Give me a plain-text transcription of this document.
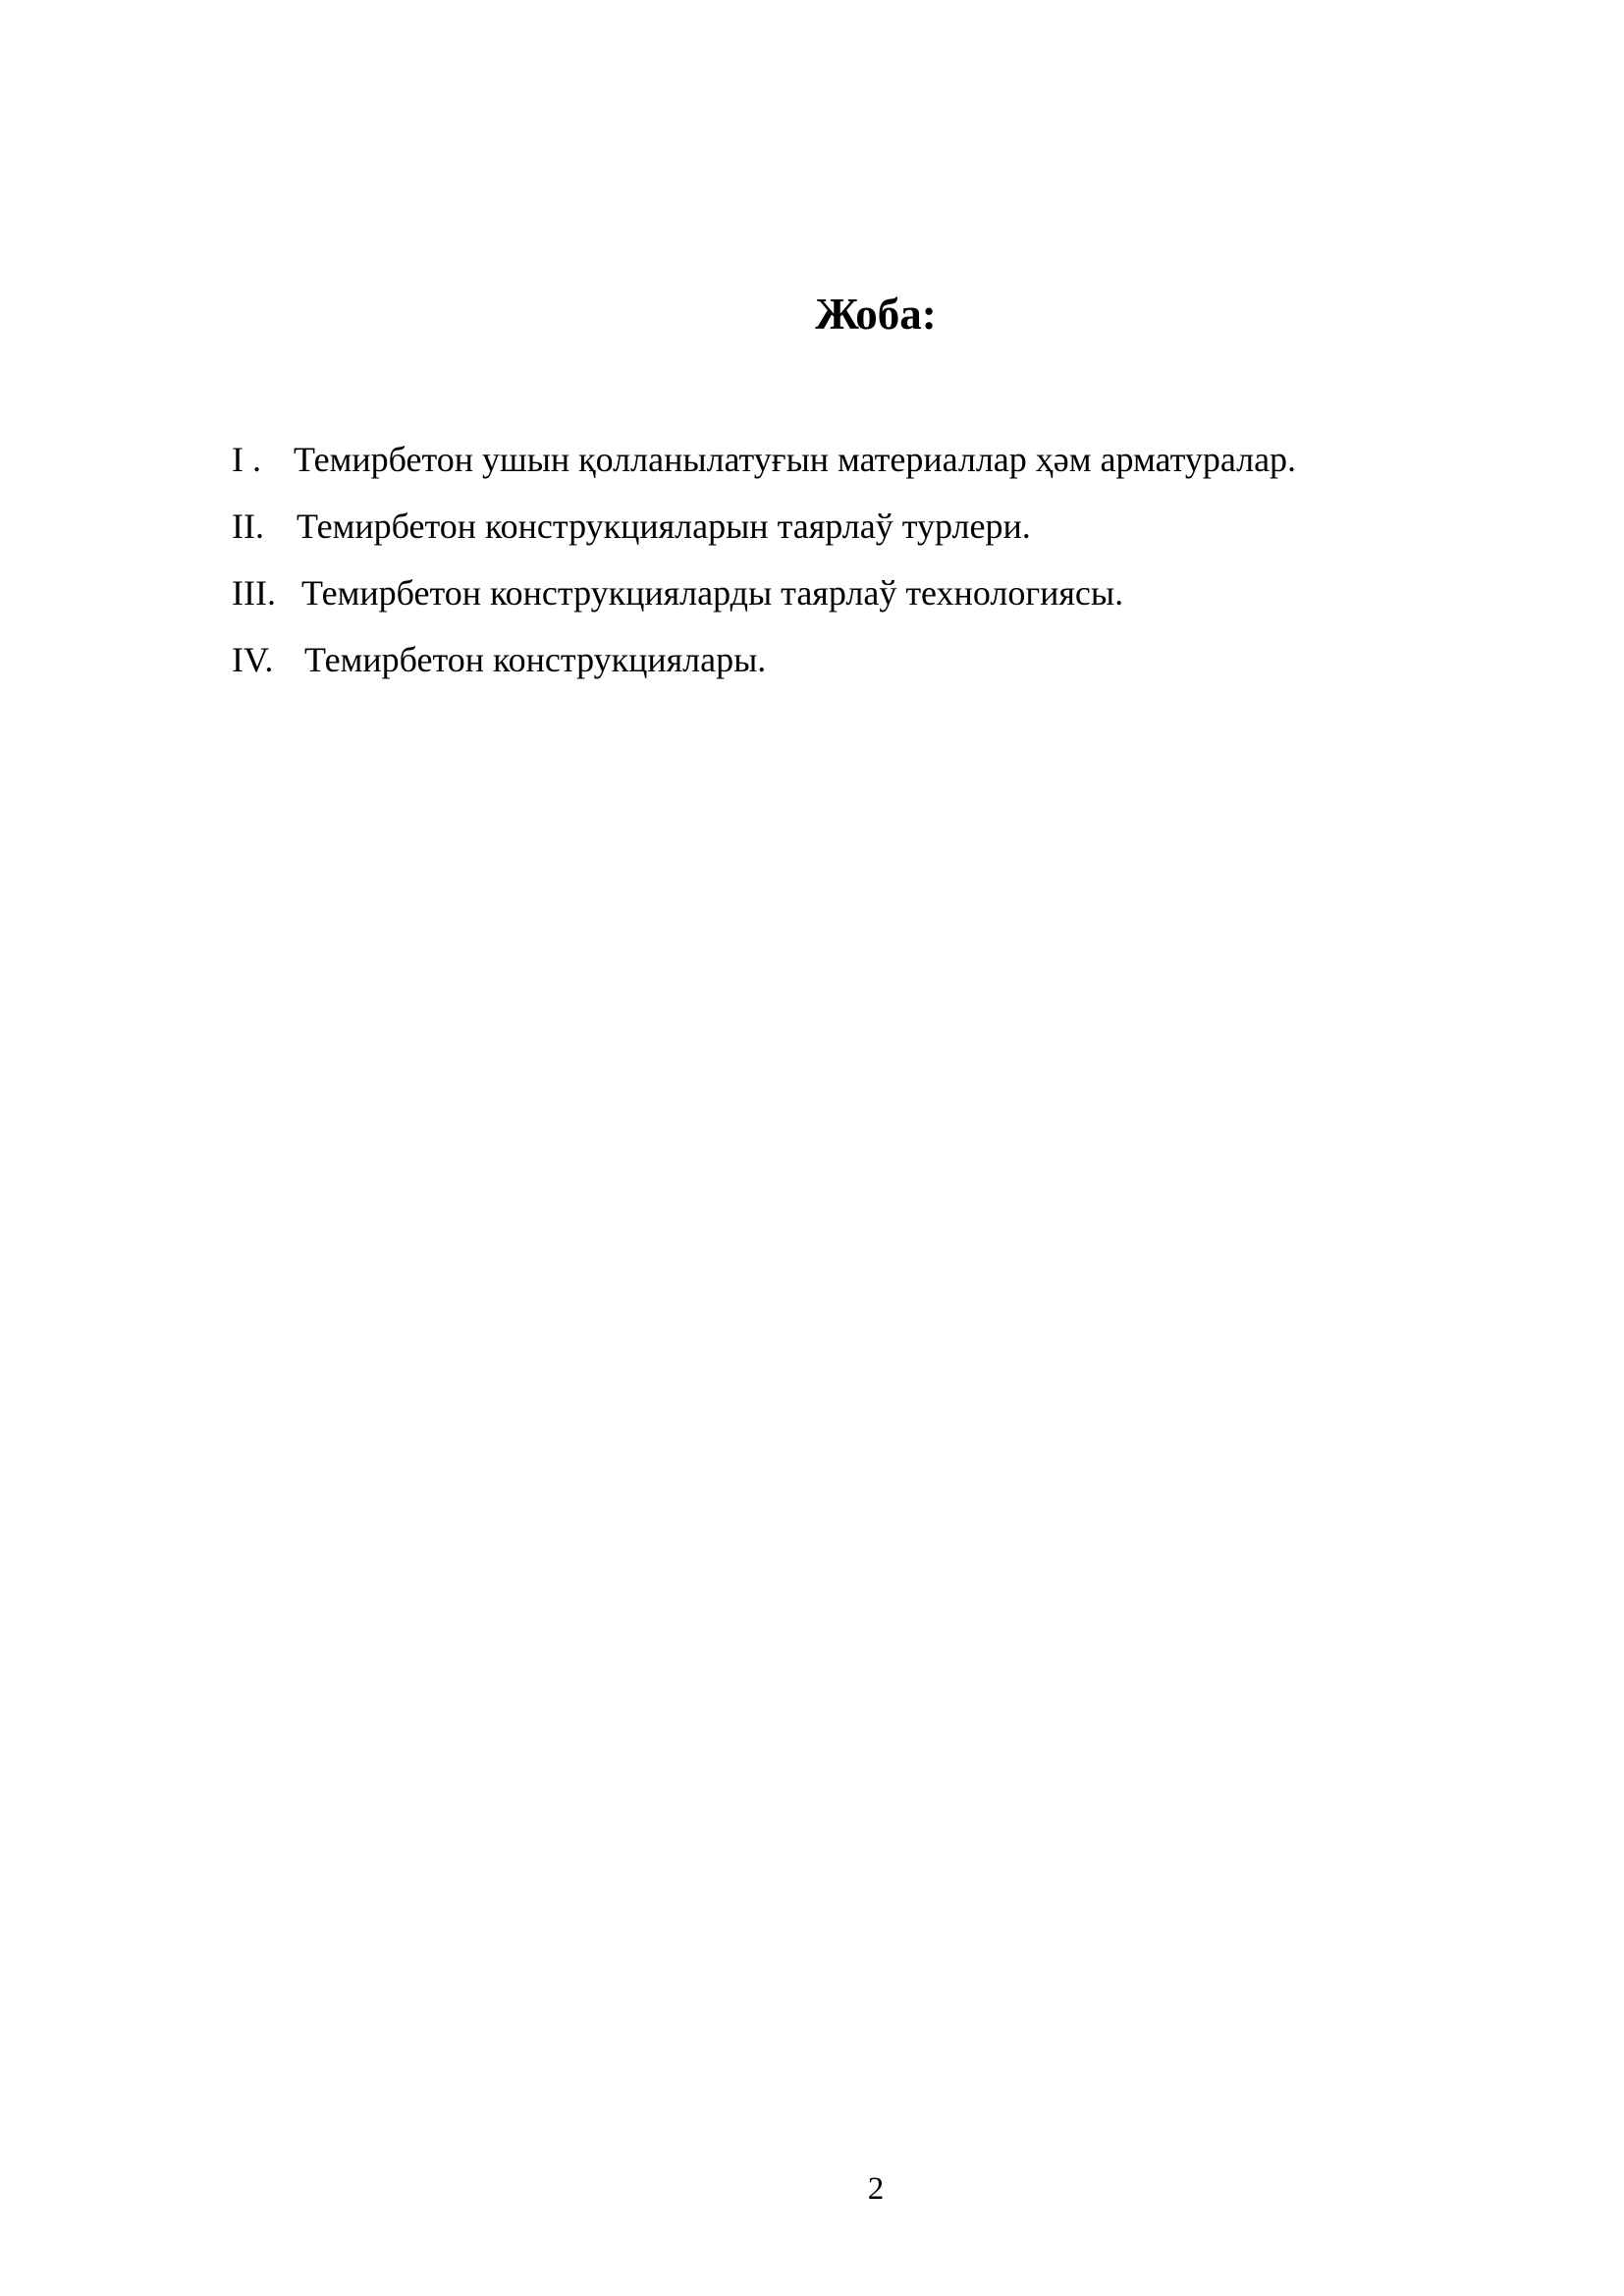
Жоба:
I . Темирбетон ушын қолланылатуғын материаллар ҳәм арматуралар.
II. Темирбетон конструкцияларын таярлаў турлери.
III. Темирбетон конструкцияларды таярлаў технологиясы.
IV. Темирбетон конструкциялары.
2
